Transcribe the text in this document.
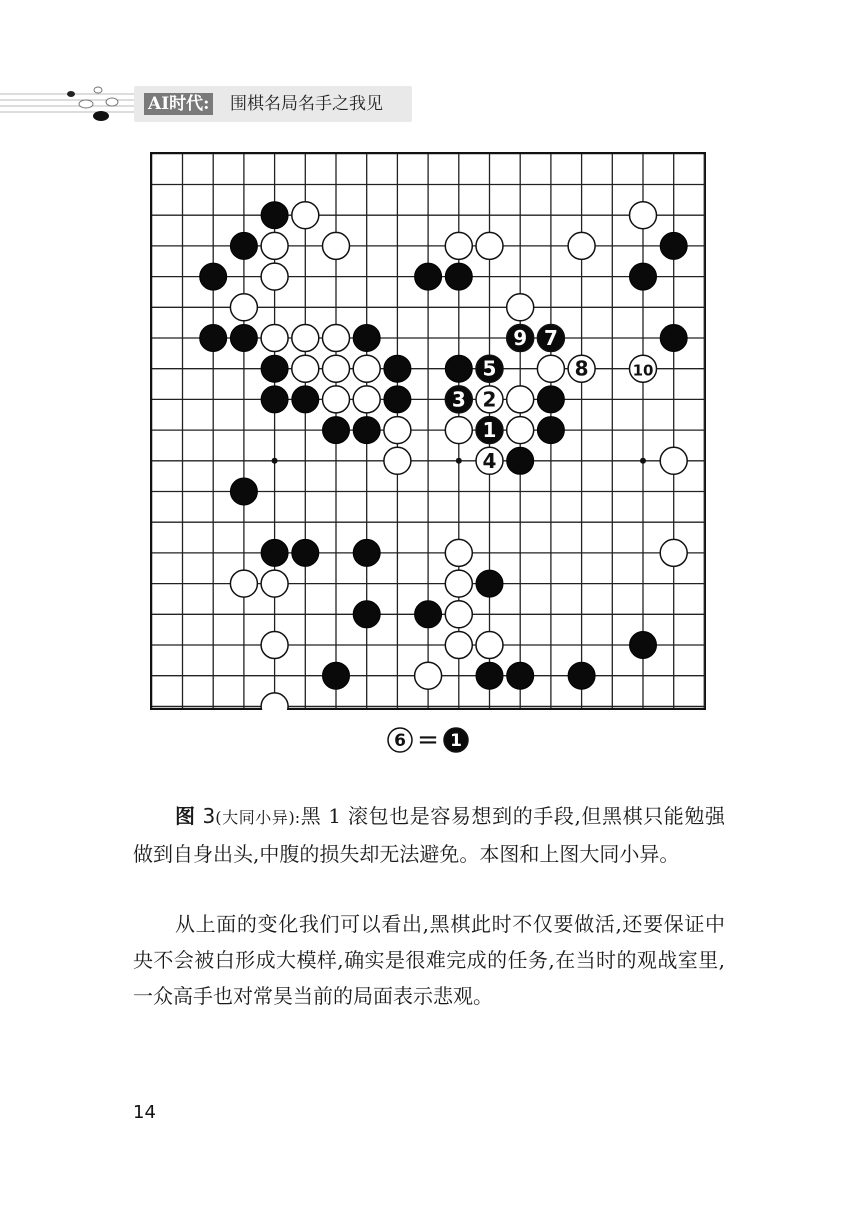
AI时代: 围棋名局名手之我见
1
2
3
4
5
7
8
9
10
6 = 1

图 3(大同小异):黑 1 滚包也是容易想到的手段,但黑棋只能勉强做到自身出头,中腹的损失却无法避免。本图和上图大同小异。

从上面的变化我们可以看出,黑棋此时不仅要做活,还要保证中央不会被白形成大模样,确实是很难完成的任务,在当时的观战室里,一众高手也对常昊当前的局面表示悲观。

14
